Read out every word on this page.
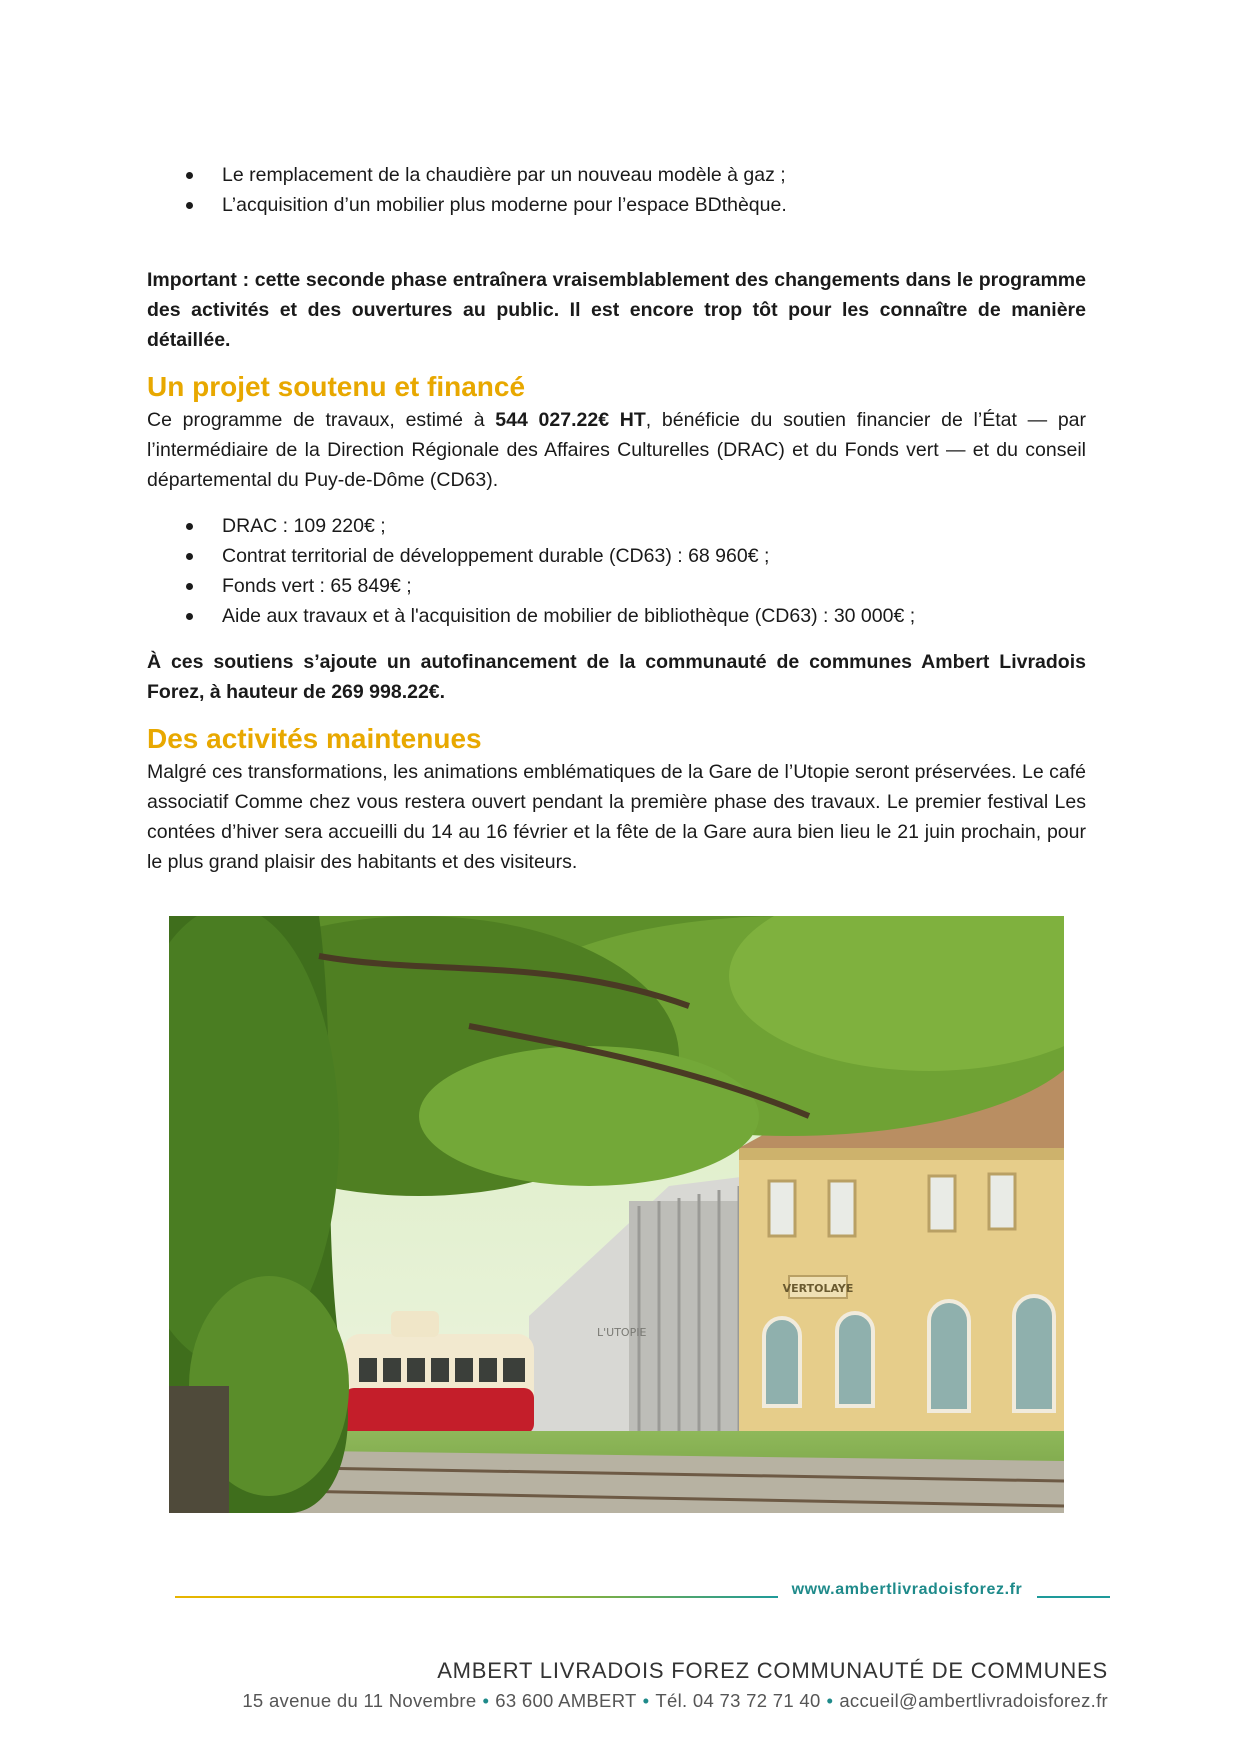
Le remplacement de la chaudière par un nouveau modèle à gaz ;
L’acquisition d’un mobilier plus moderne pour l’espace BDthèque.

Important : cette seconde phase entraînera vraisemblablement des changements dans le programme des activités et des ouvertures au public. Il est encore trop tôt pour les connaître de manière détaillée.

Un projet soutenu et financé

Ce programme de travaux, estimé à 544 027.22€ HT, bénéficie du soutien financier de l’État — par l’intermédiaire de la Direction Régionale des Affaires Culturelles (DRAC) et du Fonds vert — et du conseil départemental du Puy-de-Dôme (CD63).

DRAC : 109 220€ ;
Contrat territorial de développement durable (CD63) : 68 960€ ;
Fonds vert : 65 849€ ;
Aide aux travaux et à l'acquisition de mobilier de bibliothèque (CD63) : 30 000€ ;

À ces soutiens s’ajoute un autofinancement de la communauté de communes Ambert Livradois Forez, à hauteur de 269 998.22€.

Des activités maintenues

Malgré ces transformations, les animations emblématiques de la Gare de l’Utopie seront préservées. Le café associatif Comme chez vous restera ouvert pendant la première phase des travaux. Le premier festival Les contées d’hiver sera accueilli du 14 au 16 février et la fête de la Gare aura bien lieu le 21 juin prochain, pour le plus grand plaisir des habitants et des visiteurs.

L'UTOPIE
VERTOLAYE
www.ambertlivradoisforez.fr
AMBERT LIVRADOIS FOREZ COMMUNAUTÉ DE COMMUNES
15 avenue du 11 Novembre • 63 600 AMBERT • Tél. 04 73 72 71 40 • accueil@ambertlivradoisforez.fr
